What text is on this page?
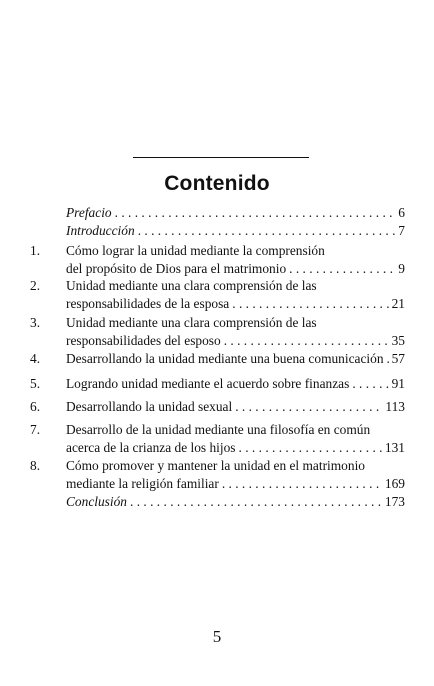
Contenido
Prefacio . . .	6
Introducción . . .	7
1.	Cómo lograr la unidad mediante la comprensión
del propósito de Dios para el matrimonio . . .	9
2.	Unidad mediante una clara comprensión de las
responsabilidades de la esposa . . .	21
3.	Unidad mediante una clara comprensión de las
responsabilidades del esposo . . .	35
4.	Desarrollando la unidad mediante una buena comunicación . . . 57
5.	Logrando unidad mediante el acuerdo sobre finanzas . . .	91
6.	Desarrollando la unidad sexual . . .	113
7.	Desarrollo de la unidad mediante una filosofía en común
acerca de la crianza de los hijos . . .	131
8.	Cómo promover y mantener la unidad en el matrimonio
mediante la religión familiar . . .	169
Conclusión . . .	173
5
